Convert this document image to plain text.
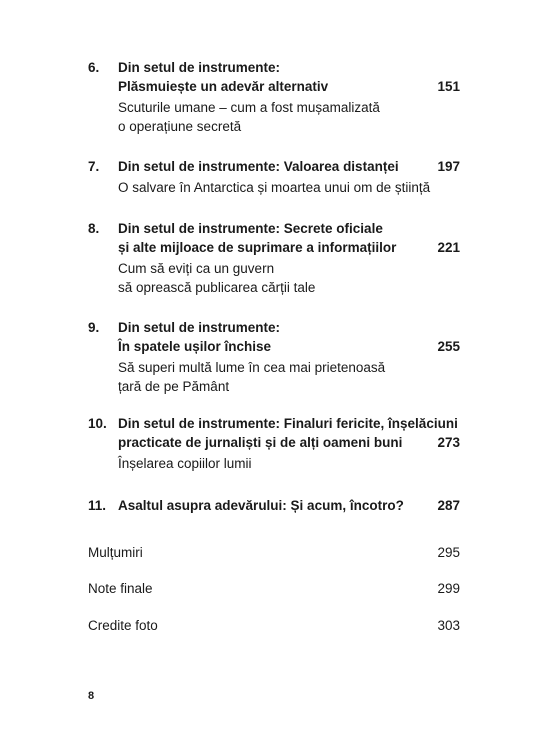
6. Din setul de instrumente:
Plăsmuiește un adevăr alternativ	151
Scuturile umane – cum a fost mușamalizată
o operațiune secretă
7. Din setul de instrumente: Valoarea distanței	197
O salvare în Antarctica și moartea unui om de știință
8. Din setul de instrumente: Secrete oficiale
și alte mijloace de suprimare a informațiilor	221
Cum să eviți ca un guvern
să oprească publicarea cărții tale
9. Din setul de instrumente:
În spatele ușilor închise	255
Să superi multă lume în cea mai prietenoasă
țară de pe Pământ
10. Din setul de instrumente: Finaluri fericite, înșelăciuni
practicate de jurnaliști și de alți oameni buni	273
Înșelarea copiilor lumii
11. Asaltul asupra adevărului: Și acum, încotro?	287
Mulțumiri	295
Note finale	299
Credite foto	303
8
